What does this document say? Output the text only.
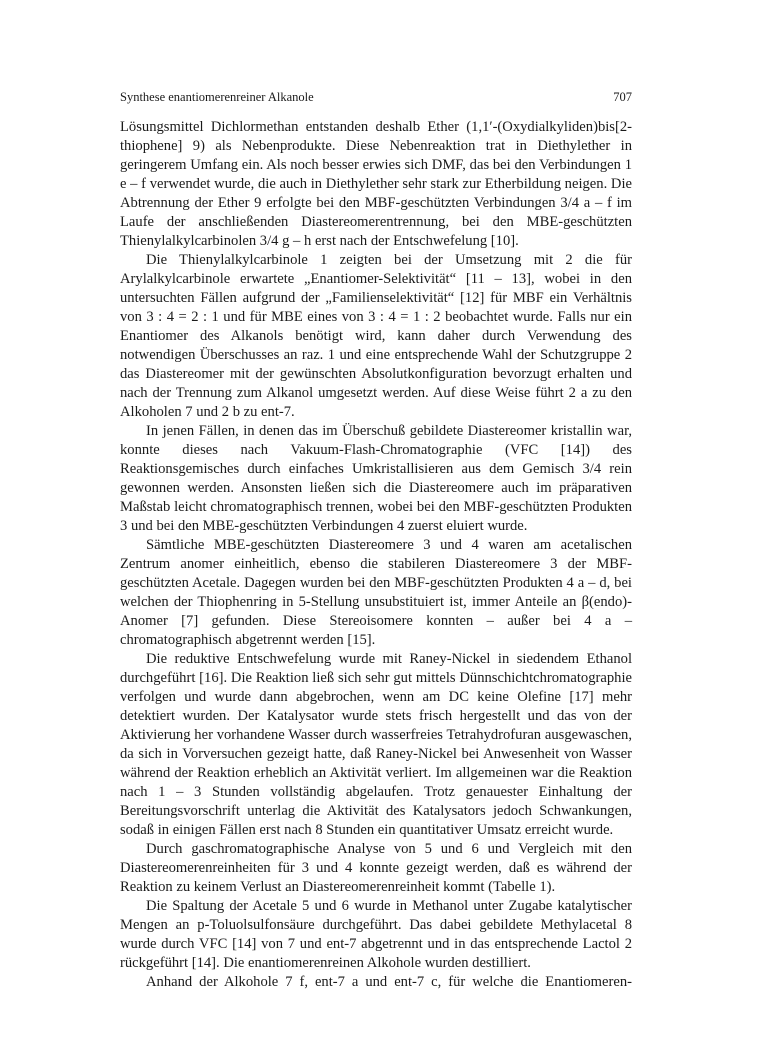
Synthese enantiomerenreiner Alkanole	707

Lösungsmittel Dichlormethan entstanden deshalb Ether (1,1′-(Oxydialkyliden)bis[2-thiophene] 9) als Nebenprodukte. Diese Nebenreaktion trat in Diethylether in geringerem Umfang ein. Als noch besser erwies sich DMF, das bei den Verbindungen 1 e – f verwendet wurde, die auch in Diethylether sehr stark zur Etherbildung neigen. Die Abtrennung der Ether 9 erfolgte bei den MBF-geschützten Verbindungen 3/4 a – f im Laufe der anschließenden Diastereomerentrennung, bei den MBE-geschützten Thienylalkylcarbinolen 3/4 g – h erst nach der Entschwefelung [10].

Die Thienylalkylcarbinole 1 zeigten bei der Umsetzung mit 2 die für Arylalkylcarbinole erwartete „Enantiomer-Selektivität“ [11 – 13], wobei in den untersuchten Fällen aufgrund der „Familienselektivität“ [12] für MBF ein Verhältnis von 3 : 4 = 2 : 1 und für MBE eines von 3 : 4 = 1 : 2 beobachtet wurde. Falls nur ein Enantiomer des Alkanols benötigt wird, kann daher durch Verwendung des notwendigen Überschusses an raz. 1 und eine entsprechende Wahl der Schutzgruppe 2 das Diastereomer mit der gewünschten Absolutkonfiguration bevorzugt erhalten und nach der Trennung zum Alkanol umgesetzt werden. Auf diese Weise führt 2 a zu den Alkoholen 7 und 2 b zu ent-7.

In jenen Fällen, in denen das im Überschuß gebildete Diastereomer kristallin war, konnte dieses nach Vakuum-Flash-Chromatographie (VFC [14]) des Reaktionsgemisches durch einfaches Umkristallisieren aus dem Gemisch 3/4 rein gewonnen werden. Ansonsten ließen sich die Diastereomere auch im präparativen Maßstab leicht chromatographisch trennen, wobei bei den MBF-geschützten Produkten 3 und bei den MBE-geschützten Verbindungen 4 zuerst eluiert wurde.

Sämtliche MBE-geschützten Diastereomere 3 und 4 waren am acetalischen Zentrum anomer einheitlich, ebenso die stabileren Diastereomere 3 der MBF-geschützten Acetale. Dagegen wurden bei den MBF-geschützten Produkten 4 a – d, bei welchen der Thiophenring in 5-Stellung unsubstituiert ist, immer Anteile an β(endo)-Anomer [7] gefunden. Diese Stereoisomere konnten – außer bei 4 a – chromatographisch abgetrennt werden [15].

Die reduktive Entschwefelung wurde mit Raney-Nickel in siedendem Ethanol durchgeführt [16]. Die Reaktion ließ sich sehr gut mittels Dünnschichtchromatographie verfolgen und wurde dann abgebrochen, wenn am DC keine Olefine [17] mehr detektiert wurden. Der Katalysator wurde stets frisch hergestellt und das von der Aktivierung her vorhandene Wasser durch wasserfreies Tetrahydrofuran ausgewaschen, da sich in Vorversuchen gezeigt hatte, daß Raney-Nickel bei Anwesenheit von Wasser während der Reaktion erheblich an Aktivität verliert. Im allgemeinen war die Reaktion nach 1 – 3 Stunden vollständig abgelaufen. Trotz genauester Einhaltung der Bereitungsvorschrift unterlag die Aktivität des Katalysators jedoch Schwankungen, sodaß in einigen Fällen erst nach 8 Stunden ein quantitativer Umsatz erreicht wurde.

Durch gaschromatographische Analyse von 5 und 6 und Vergleich mit den Diastereomerenreinheiten für 3 und 4 konnte gezeigt werden, daß es während der Reaktion zu keinem Verlust an Diastereomerenreinheit kommt (Tabelle 1).

Die Spaltung der Acetale 5 und 6 wurde in Methanol unter Zugabe katalytischer Mengen an p-Toluolsulfonsäure durchgeführt. Das dabei gebildete Methylacetal 8 wurde durch VFC [14] von 7 und ent-7 abgetrennt und in das entsprechende Lactol 2 rückgeführt [14]. Die enantiomerenreinen Alkohole wurden destilliert.

Anhand der Alkohole 7 f, ent-7 a und ent-7 c, für welche die Enantiomeren-
